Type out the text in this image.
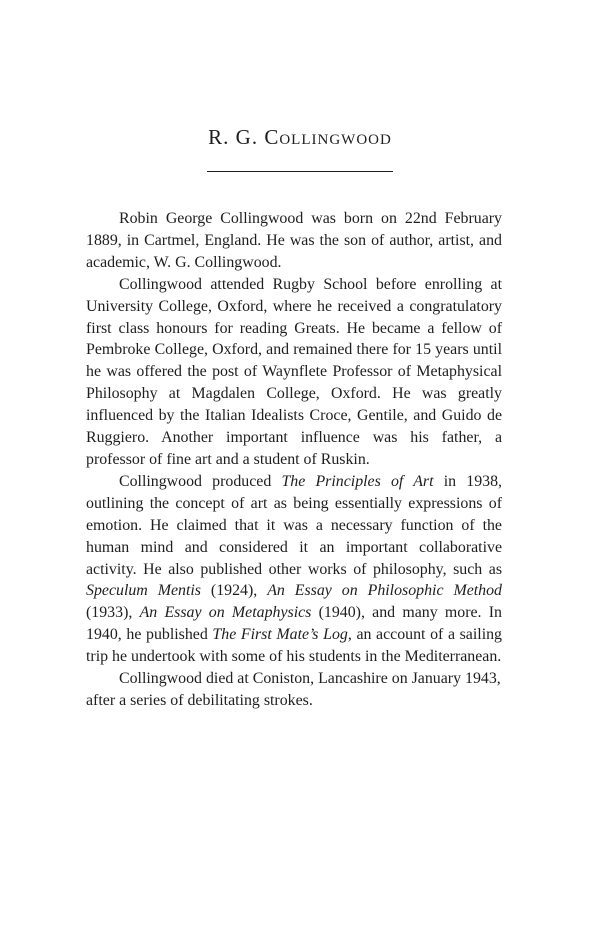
R. G. Collingwood

Robin George Collingwood was born on 22nd February 1889, in Cartmel, England. He was the son of author, artist, and academic, W. G. Collingwood.

Collingwood attended Rugby School before enrolling at University College, Oxford, where he received a congratulatory first class honours for reading Greats. He became a fellow of Pembroke College, Oxford, and remained there for 15 years until he was offered the post of Waynflete Professor of Metaphysical Philosophy at Magdalen College, Oxford. He was greatly influenced by the Italian Idealists Croce, Gentile, and Guido de Ruggiero. Another important influence was his father, a professor of fine art and a student of Ruskin.

Collingwood produced The Principles of Art in 1938, outlining the concept of art as being essentially expressions of emotion. He claimed that it was a necessary function of the human mind and considered it an important collaborative activity. He also published other works of philosophy, such as Speculum Mentis (1924), An Essay on Philosophic Method (1933), An Essay on Metaphysics (1940), and many more. In 1940, he published The First Mate’s Log, an account of a sailing trip he undertook with some of his students in the Mediterranean.

Collingwood died at Coniston, Lancashire on January 1943, after a series of debilitating strokes.
